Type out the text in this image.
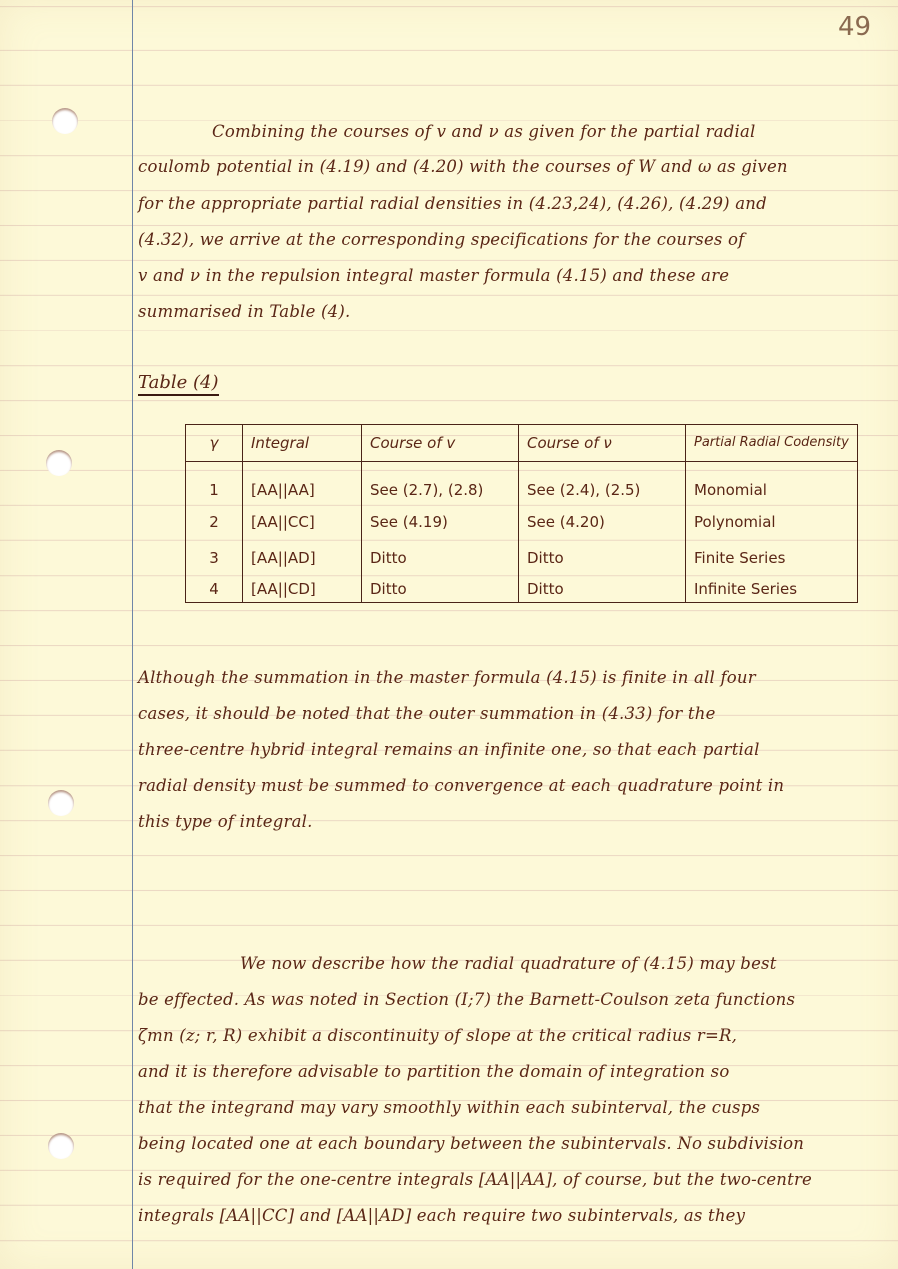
49
Combining the courses of v and ν as given for the partial radial
coulomb potential in (4.19) and (4.20) with the courses of W and ω as given
for the appropriate partial radial densities in (4.23,24), (4.26), (4.29) and
(4.32), we arrive at the corresponding specifications for the courses of
v and ν in the repulsion integral master formula (4.15) and these are
summarised in Table (4).
Table (4)
γ	Integral	Course of v	Course of ν	Partial Radial Codensity
1	[AA||AA]	See (2.7), (2.8)	See (2.4), (2.5)	Monomial
2	[AA||CC]	See (4.19)	See (4.20)	Polynomial
3	[AA||AD]	Ditto	Ditto	Finite Series
4	[AA||CD]	Ditto	Ditto	Infinite Series
Although the summation in the master formula (4.15) is finite in all four
cases, it should be noted that the outer summation in (4.33) for the
three-centre hybrid integral remains an infinite one, so that each partial
radial density must be summed to convergence at each quadrature point in
this type of integral.
We now describe how the radial quadrature of (4.15) may best
be effected. As was noted in Section (I;7) the Barnett-Coulson zeta functions
ζmn (z; r, R) exhibit a discontinuity of slope at the critical radius r=R,
and it is therefore advisable to partition the domain of integration so
that the integrand may vary smoothly within each subinterval, the cusps
being located one at each boundary between the subintervals. No subdivision
is required for the one-centre integrals [AA||AA], of course, but the two-centre
integrals [AA||CC] and [AA||AD] each require two subintervals, as they
